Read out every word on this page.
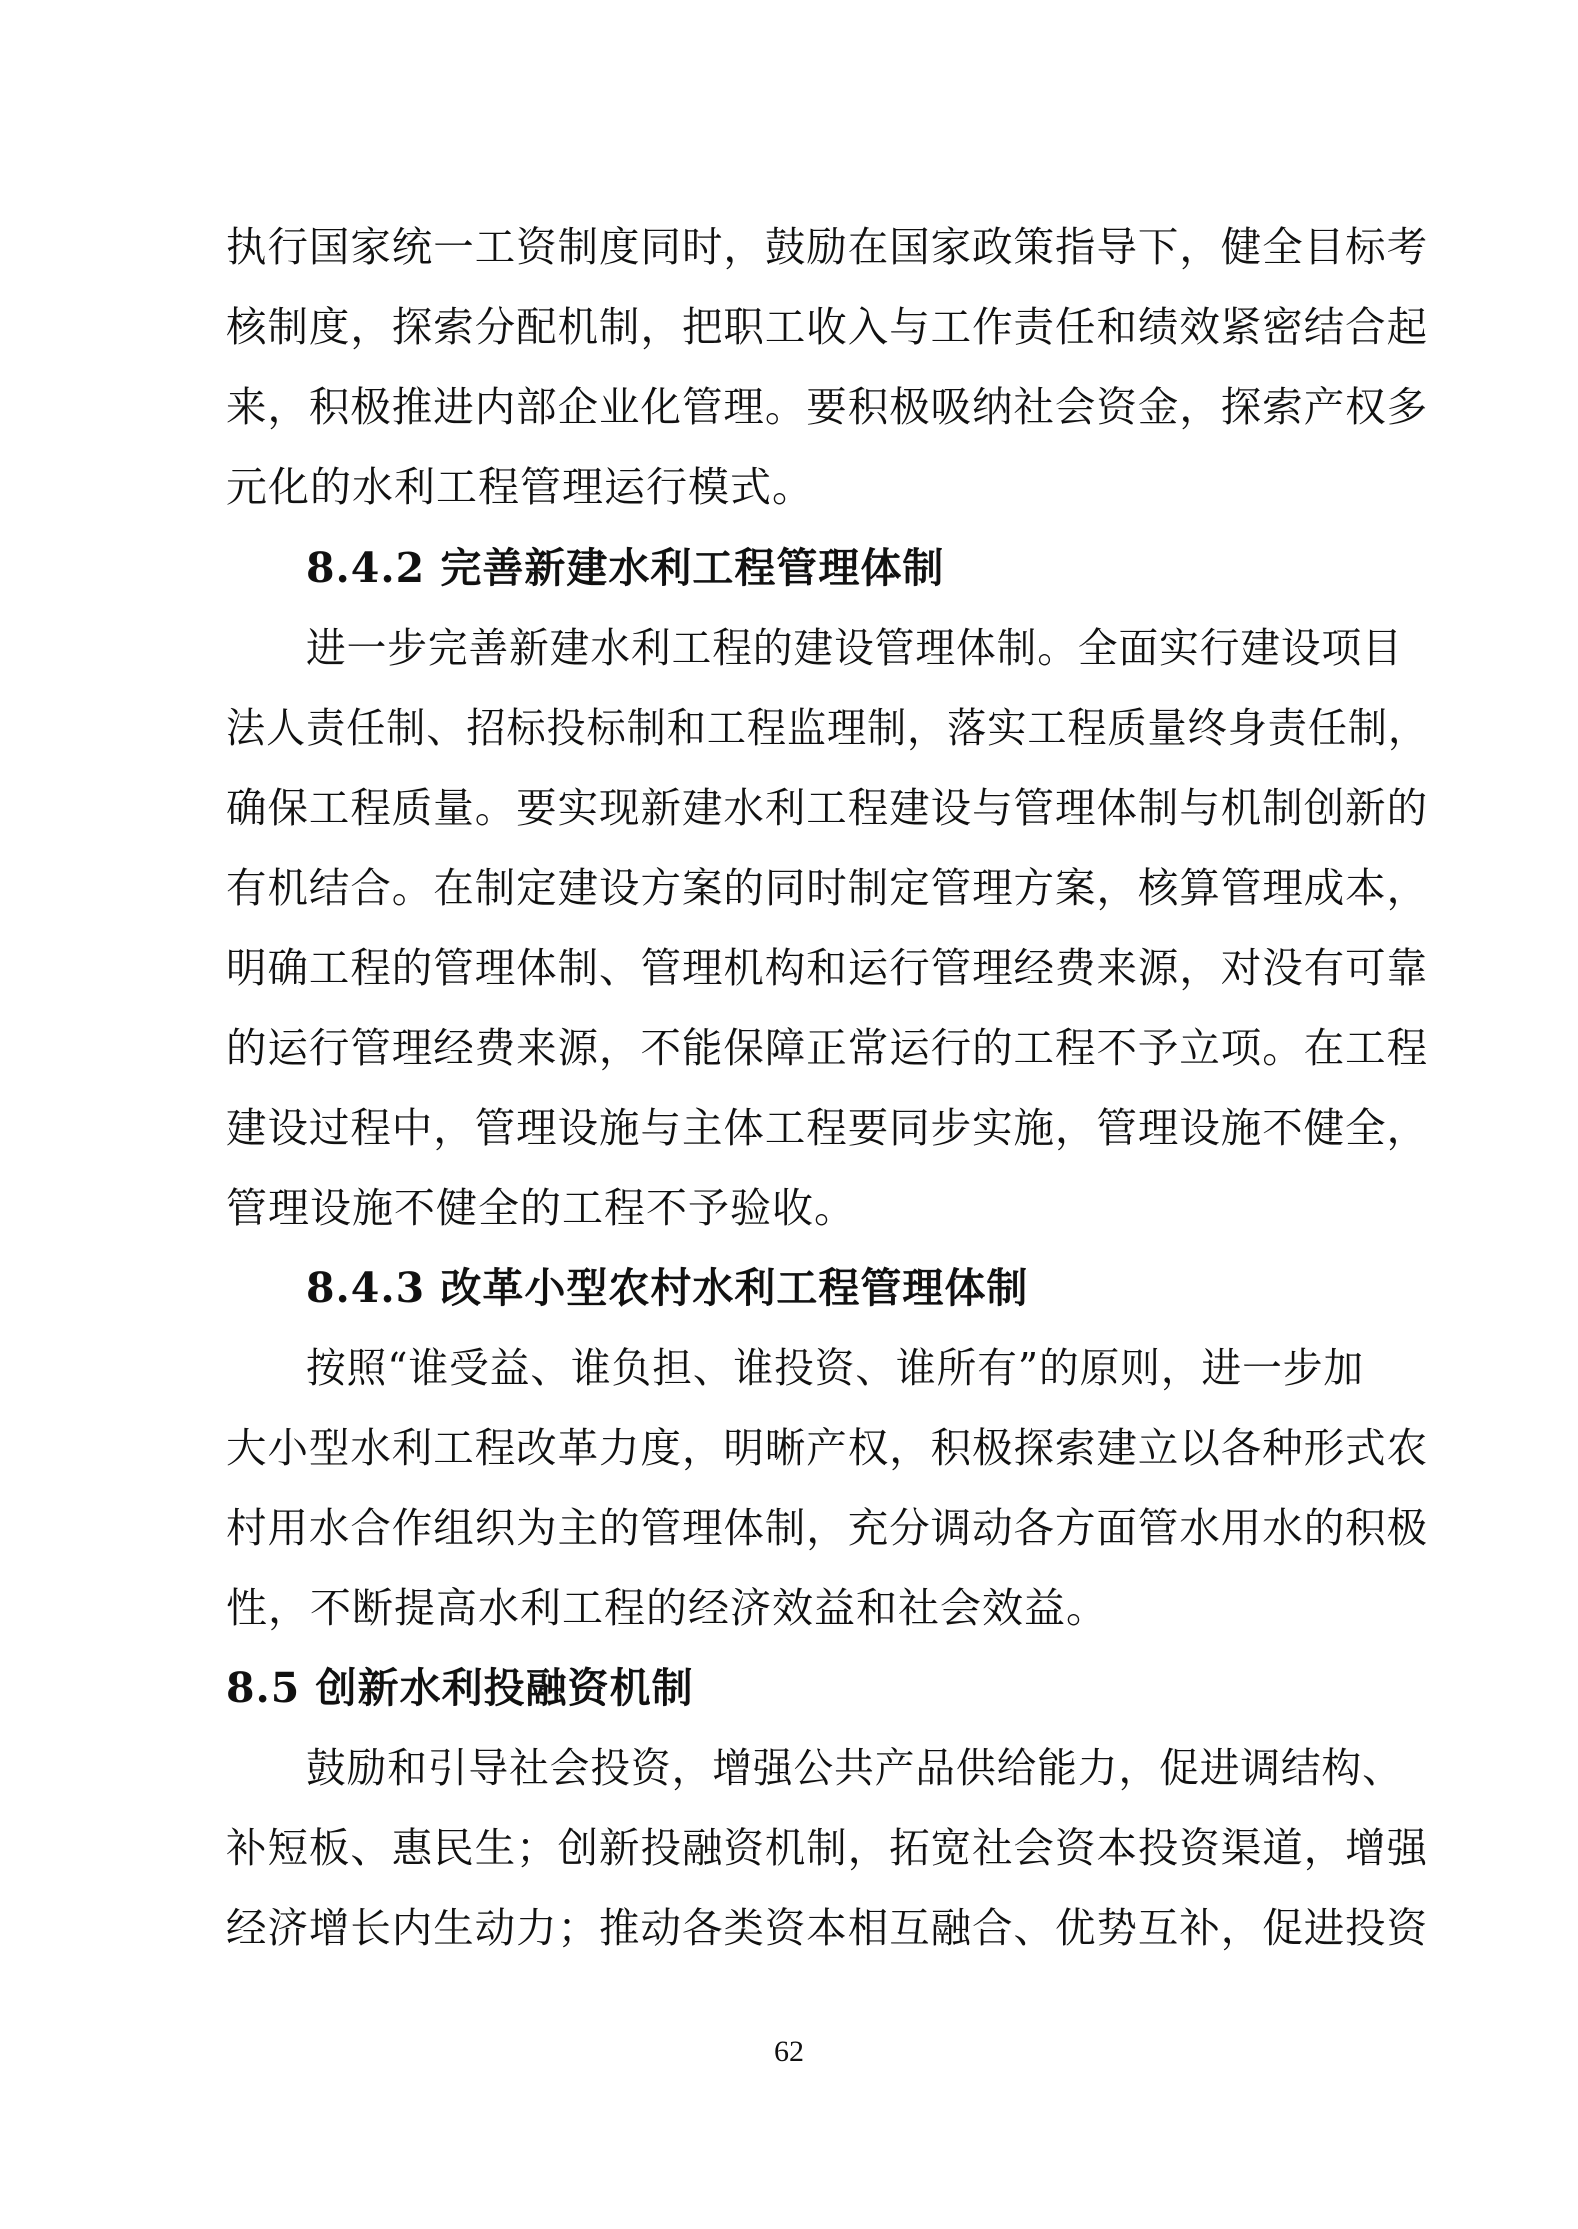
执行国家统一工资制度同时，鼓励在国家政策指导下，健全目标考
核制度，探索分配机制，把职工收入与工作责任和绩效紧密结合起
来，积极推进内部企业化管理。要积极吸纳社会资金，探索产权多
元化的水利工程管理运行模式。
8.4.2 完善新建水利工程管理体制
进一步完善新建水利工程的建设管理体制。全面实行建设项目
法人责任制、招标投标制和工程监理制，落实工程质量终身责任制，
确保工程质量。要实现新建水利工程建设与管理体制与机制创新的
有机结合。在制定建设方案的同时制定管理方案，核算管理成本，
明确工程的管理体制、管理机构和运行管理经费来源，对没有可靠
的运行管理经费来源，不能保障正常运行的工程不予立项。在工程
建设过程中，管理设施与主体工程要同步实施，管理设施不健全，
管理设施不健全的工程不予验收。
8.4.3 改革小型农村水利工程管理体制
按照“谁受益、谁负担、谁投资、谁所有”的原则，进一步加
大小型水利工程改革力度，明晰产权，积极探索建立以各种形式农
村用水合作组织为主的管理体制，充分调动各方面管水用水的积极
性，不断提高水利工程的经济效益和社会效益。
8.5 创新水利投融资机制
鼓励和引导社会投资，增强公共产品供给能力，促进调结构、
补短板、惠民生；创新投融资机制，拓宽社会资本投资渠道，增强
经济增长内生动力；推动各类资本相互融合、优势互补，促进投资
62
